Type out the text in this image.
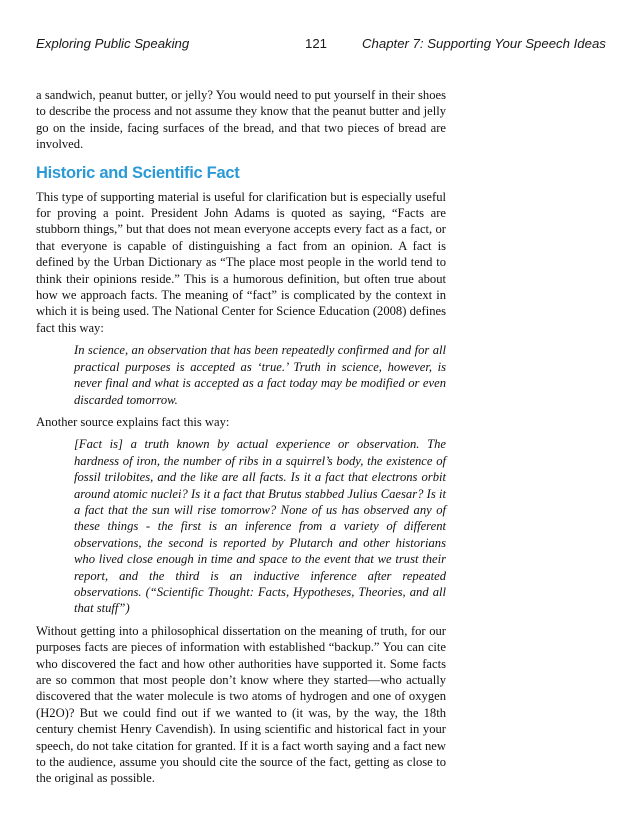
Exploring Public Speaking	121	Chapter 7: Supporting Your Speech Ideas

a sandwich, peanut butter, or jelly? You would need to put yourself in their shoes to describe the process and not assume they know that the peanut butter and jelly go on the inside, facing surfaces of the bread, and that two pieces of bread are involved.

Historic and Scientific Fact

This type of supporting material is useful for clarification but is especially useful for proving a point. President John Adams is quoted as saying, “Facts are stubborn things,” but that does not mean everyone accepts every fact as a fact, or that everyone is capable of distinguishing a fact from an opinion. A fact is defined by the Urban Dictionary as “The place most people in the world tend to think their opinions reside.” This is a humorous definition, but often true about how we approach facts. The meaning of “fact” is complicated by the context in which it is being used. The National Center for Science Education (2008) defines fact this way:

In science, an observation that has been repeatedly confirmed and for all practical purposes is accepted as ‘true.’ Truth in science, however, is never final and what is accepted as a fact today may be modified or even discarded tomorrow.

Another source explains fact this way:

[Fact is] a truth known by actual experience or observation. The hardness of iron, the number of ribs in a squirrel’s body, the existence of fossil trilobites, and the like are all facts. Is it a fact that electrons orbit around atomic nuclei? Is it a fact that Brutus stabbed Julius Caesar? Is it a fact that the sun will rise tomorrow? None of us has observed any of these things - the first is an inference from a variety of different observations, the second is reported by Plutarch and other historians who lived close enough in time and space to the event that we trust their report, and the third is an inductive inference after repeated observations. (“Scientific Thought: Facts, Hypotheses, Theories, and all that stuff”)

Without getting into a philosophical dissertation on the meaning of truth, for our purposes facts are pieces of information with established “backup.” You can cite who discovered the fact and how other authorities have supported it. Some facts are so common that most people don’t know where they started—who actually discovered that the water molecule is two atoms of hydrogen and one of oxygen (H2O)? But we could find out if we wanted to (it was, by the way, the 18th century chemist Henry Cavendish). In using scientific and historical fact in your speech, do not take citation for granted. If it is a fact worth saying and a fact new to the audience, assume you should cite the source of the fact, getting as close to the original as possible.
